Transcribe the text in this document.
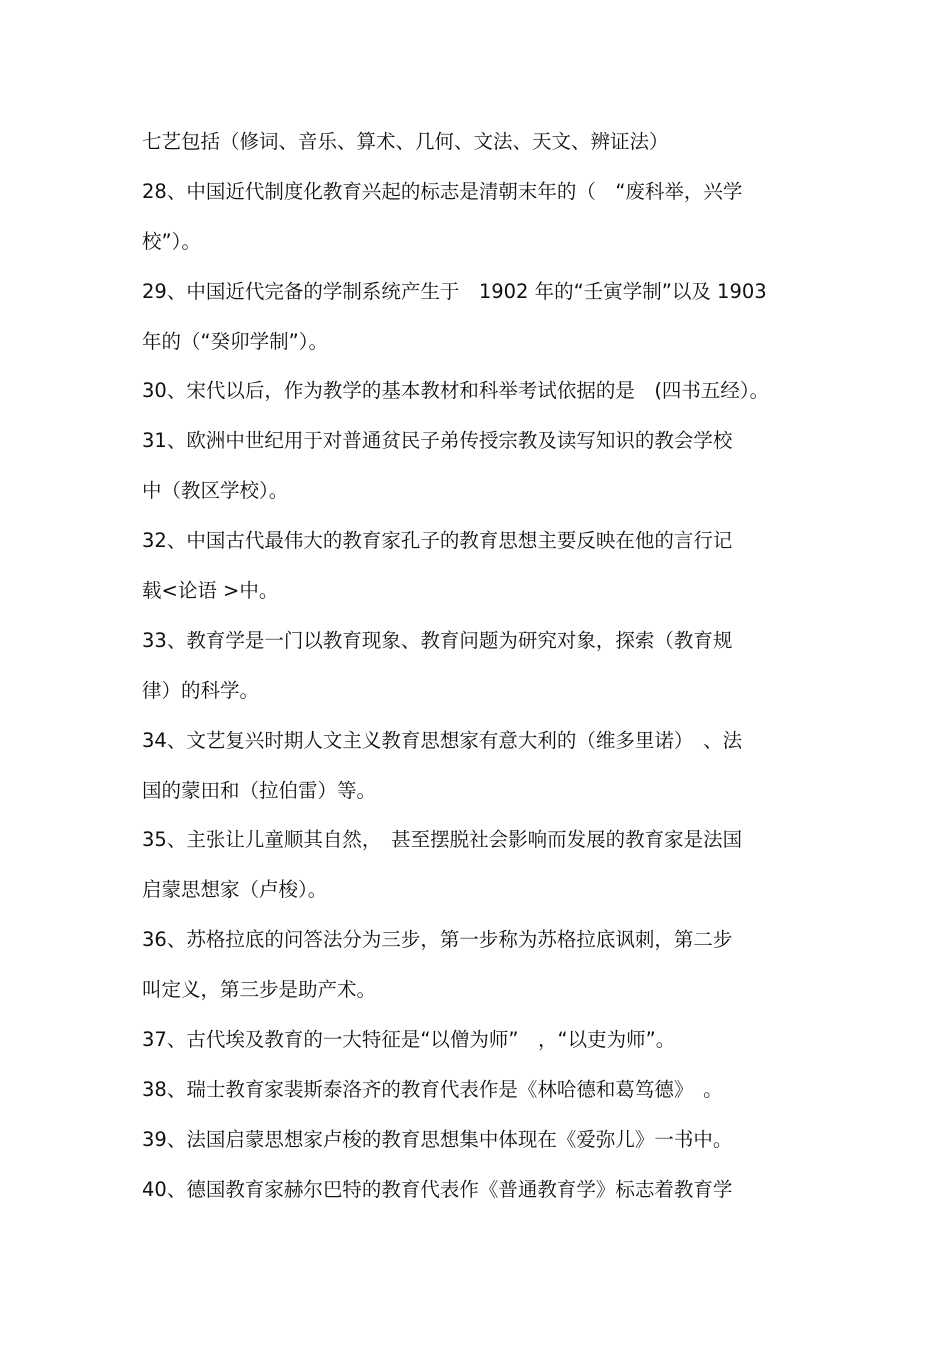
七艺包括（修词、音乐、算术、几何、文法、天文、辨证法）
28、中国近代制度化教育兴起的标志是清朝末年的（　“废科举，兴学
校”）。
29、中国近代完备的学制系统产生于　1902 年的“壬寅学制”以及 1903
年的（“癸卯学制”）。
30、宋代以后，作为教学的基本教材和科举考试依据的是　(四书五经）。
31、欧洲中世纪用于对普通贫民子弟传授宗教及读写知识的教会学校
中（教区学校）。
32、中国古代最伟大的教育家孔子的教育思想主要反映在他的言行记
载<论语 >中。
33、教育学是一门以教育现象、教育问题为研究对象，探索（教育规
律）的科学。
34、文艺复兴时期人文主义教育思想家有意大利的（维多里诺）　、法
国的蒙田和（拉伯雷）等。
35、主张让儿童顺其自然，　甚至摆脱社会影响而发展的教育家是法国
启蒙思想家（卢梭）。
36、苏格拉底的问答法分为三步，第一步称为苏格拉底讽刺，第二步
叫定义，第三步是助产术。
37、古代埃及教育的一大特征是“以僧为师”　，“以吏为师”。
38、瑞士教育家裴斯泰洛齐的教育代表作是《林哈德和葛笃德》　。
39、法国启蒙思想家卢梭的教育思想集中体现在《爱弥儿》一书中。
40、德国教育家赫尔巴特的教育代表作《普通教育学》标志着教育学
